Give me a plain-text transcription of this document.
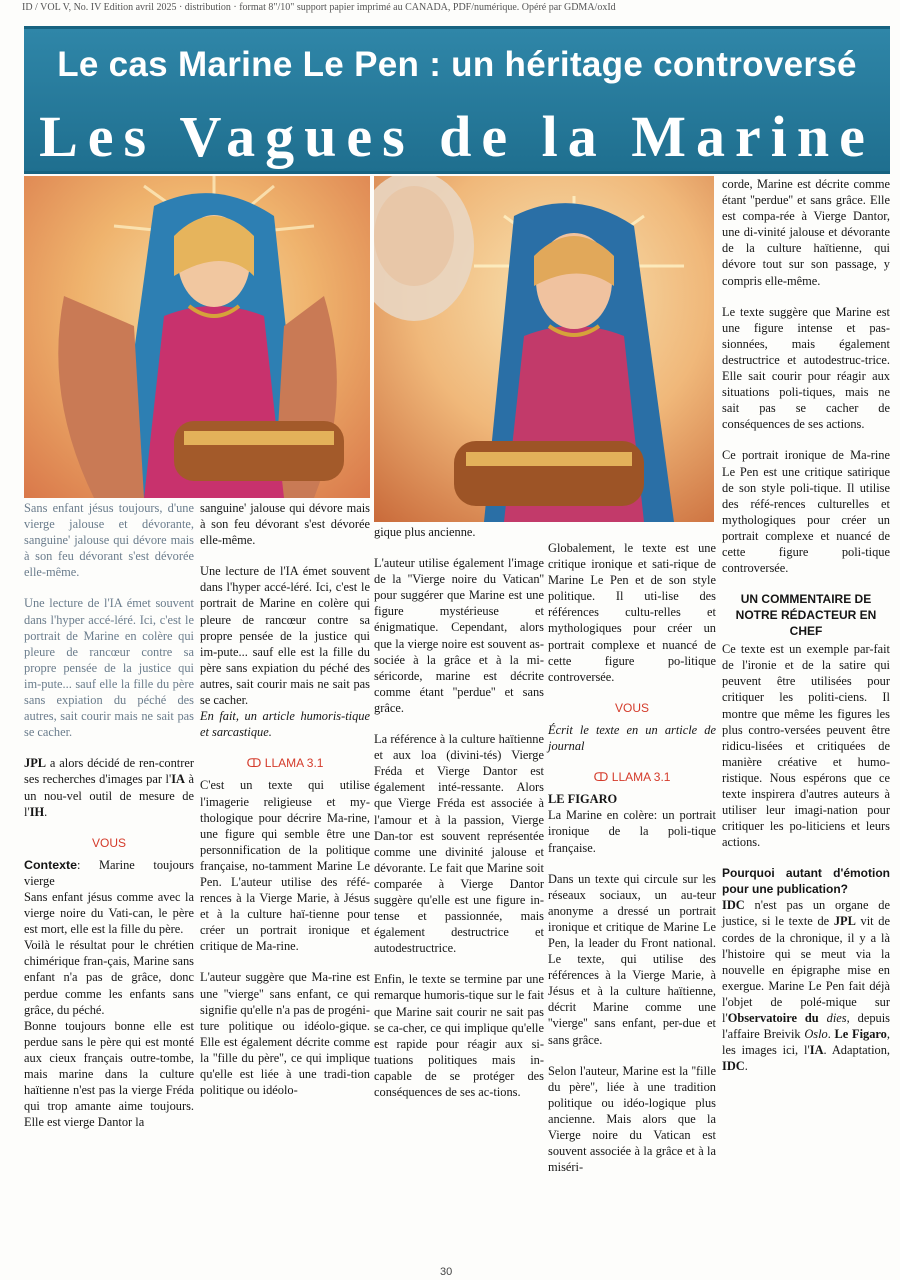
ID / VOL V, No. IV Edition avril 2025 · distribution · format 8"/10" support papier imprimé au CANADA, PDF/numérique. Opéré par GDMA/oxId
Le cas Marine Le Pen : un héritage controversé
Les Vagues de la Marine

Sans enfant jésus toujours, d'une vierge jalouse et dévorante, sanguine' jalouse qui dévore mais à son feu dévorant s'est dévorée elle-même.

Une lecture de l'IA émet souvent dans l'hyper accé-léré. Ici, c'est le portrait de Marine en colère qui pleure de rancœur contre sa propre pensée de la justice qui im-pute... sauf elle la fille du père sans expiation du péché des autres, sait courir mais ne sait pas se cacher.

JPL a alors décidé de ren-contrer ses recherches d'images par l'IA à un nou-vel outil de mesure de l'IH.

VOUS

Contexte: Marine toujours vierge

Sans enfant jésus comme avec la vierge noire du Vati-can, le père est mort, elle est la fille du père.

Voilà le résultat pour le chrétien chimérique fran-çais, Marine sans enfant n'a pas de grâce, donc perdue comme les enfants sans grâce, du péché.

Bonne toujours bonne elle est perdue sans le père qui est monté aux cieux français outre-tombe, mais marine dans la culture haïtienne n'est pas la vierge Fréda qui trop amante aime toujours. Elle est vierge Dantor la

sanguine' jalouse qui dévore mais à son feu dévorant s'est dévorée elle-même.

Une lecture de l'IA émet souvent dans l'hyper accé-léré. Ici, c'est le portrait de Marine en colère qui pleure de rancœur contre sa propre pensée de la justice qui im-pute... sauf elle est la fille du père sans expiation du péché des autres, sait courir mais ne sait pas se cacher.

En fait, un article humoris-tique et sarcastique.

ↀ LLAMA 3.1

C'est un texte qui utilise l'imagerie religieuse et my-thologique pour décrire Ma-rine, une figure qui semble être une personnification de la politique française, no-tamment Marine Le Pen. L'auteur utilise des réfé-rences à la Vierge Marie, à Jésus et à la culture haï-tienne pour créer un portrait ironique et critique de Ma-rine.

L'auteur suggère que Ma-rine est une ''vierge'' sans enfant, ce qui signifie qu'elle n'a pas de progéni-ture politique ou idéolo-gique. Elle est également décrite comme la ''fille du père'', ce qui implique qu'elle est liée à une tradi-tion politique ou idéolo-

gique plus ancienne.

L'auteur utilise également l'image de la ''Vierge noire du Vatican'' pour suggérer que Marine est une figure mystérieuse et énigmatique. Cependant, alors que la vierge noire est souvent as-sociée à la grâce et à la mi-séricorde, marine est décrite comme étant ''perdue'' et sans grâce.

La référence à la culture haïtienne et aux loa (divini-tés) Vierge Fréda et Vierge Dantor est également inté-ressante. Alors que Vierge Fréda est associée à l'amour et à la passion, Vierge Dan-tor est souvent représentée comme une divinité jalouse et dévorante. Le fait que Marine soit comparée à Vierge Dantor suggère qu'elle est une figure in-tense et passionnée, mais également destructrice et autodestructrice.

Enfin, le texte se termine par une remarque humoris-tique sur le fait que Marine sait courir ne sait pas se ca-cher, ce qui implique qu'elle est rapide pour réagir aux si-tuations politiques mais in-capable de se protéger des conséquences de ses ac-tions.

Globalement, le texte est une critique ironique et sati-rique de Marine Le Pen et de son style politique. Il uti-lise des références cultu-relles et mythologiques pour créer un portrait complexe et nuancé de cette figure po-litique controversée.

VOUS

Écrit le texte en un article de journal

ↀ LLAMA 3.1

LE FIGARO

La Marine en colère: un portrait ironique de la poli-tique française.

Dans un texte qui circule sur les réseaux sociaux, un au-teur anonyme a dressé un portrait ironique et critique de Marine Le Pen, la leader du Front national. Le texte, qui utilise des références à la Vierge Marie, à Jésus et à la culture haïtienne, décrit Marine comme une ''vierge'' sans enfant, per-due et sans grâce.

Selon l'auteur, Marine est la ''fille du père'', liée à une tradition politique ou idéo-logique plus ancienne. Mais alors que la Vierge noire du Vatican est souvent associée à la grâce et à la miséri-

corde, Marine est décrite comme étant ''perdue'' et sans grâce. Elle est compa-rée à Vierge Dantor, une di-vinité jalouse et dévorante de la culture haïtienne, qui dévore tout sur son passage, y compris elle-même.

Le texte suggère que Marine est une figure intense et pas-sionnées, mais également destructrice et autodestruc-trice. Elle sait courir pour réagir aux situations poli-tiques, mais ne sait pas se cacher de conséquences de ses actions.

Ce portrait ironique de Ma-rine Le Pen est une critique satirique de son style poli-tique. Il utilise des réfé-rences culturelles et mythologiques pour créer un portrait complexe et nuancé de cette figure poli-tique controversée.

UN COMMENTAIRE DE NOTRE RÉDACTEUR EN CHEF

Ce texte est un exemple par-fait de l'ironie et de la satire qui peuvent être utilisées pour critiquer les politi-ciens. Il montre que même les figures les plus contro-versées peuvent être ridicu-lisées et critiquées de manière créative et humo-ristique. Nous espérons que ce texte inspirera d'autres auteurs à utiliser leur imagi-nation pour critiquer les po-liticiens et leurs actions.

Pourquoi autant d'émotion pour une publication?

IDC n'est pas un organe de justice, si le texte de JPL vit de cordes de la chronique, il y a là l'histoire qui se meut via la nouvelle en épigraphe mise en exergue. Marine Le Pen fait déjà l'objet de polé-mique sur l'Observatoire du dies, depuis l'affaire Breivik Oslo. Le Figaro, les images ici, l'IA. Adaptation, IDC.

30
